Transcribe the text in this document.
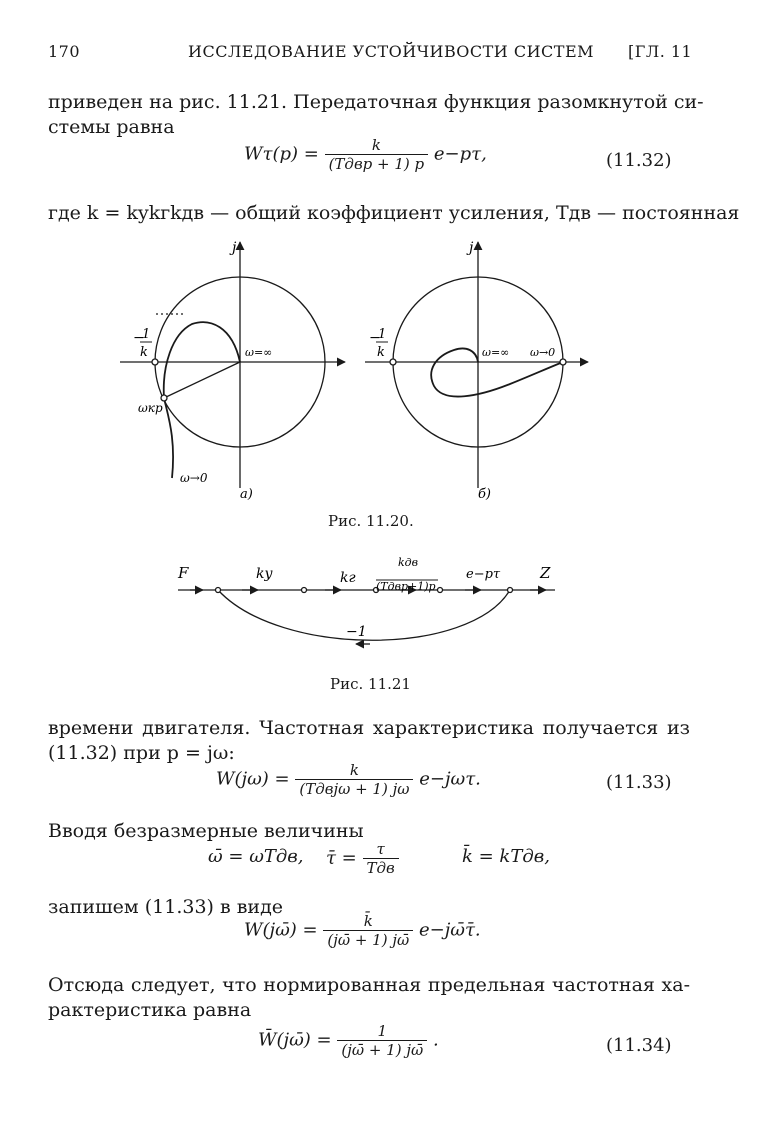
170	ИССЛЕДОВАНИЕ УСТОЙЧИВОСТИ СИСТЕМ [ГЛ. 11
приведен на рис. 11.21. Передаточная функция разомкнутой си-
стемы равна
$W\tau(p) = \frac{k}{\text{(Tдвp + 1) p}} e-p\tau$,	(11.32)
где k = kykгkдв — общий коэффициент усиления, Tдв — постоянная
j
−
1
k	ω=∞
ωкр
ω→0
а)
j
−
1
k	ω=∞ ω→0
б)
Рис. 11.20.
F	ky	kг
kдв
(Tдвp+1)p
e−pτ	Z
−1
Рис. 11.21
времени двигателя. Частотная характеристика получается из
(11.32) при p = jω:
$W(j\omega) = \frac{k}{\text{(Tдвjω + 1) jω}} e-j\omega\tau$.	(11.33)
Вводя безразмерные величины
ω̄ = ωTдв, τ̄ = $\frac{\tau}{\text{Tдв}}$	k̄ = kTдв,
запишем (11.33) в виде
W(jω̄) = $\frac{k̄}{(j\omegā + 1) j\omegā}$ e−jω̄τ̄.
Отсюда следует, что нормированная предельная частотная ха-
рактеристика равна
W̄(jω̄) = $\frac{1}{(j\omegā + 1) j\omegā}$ .	(11.34)
